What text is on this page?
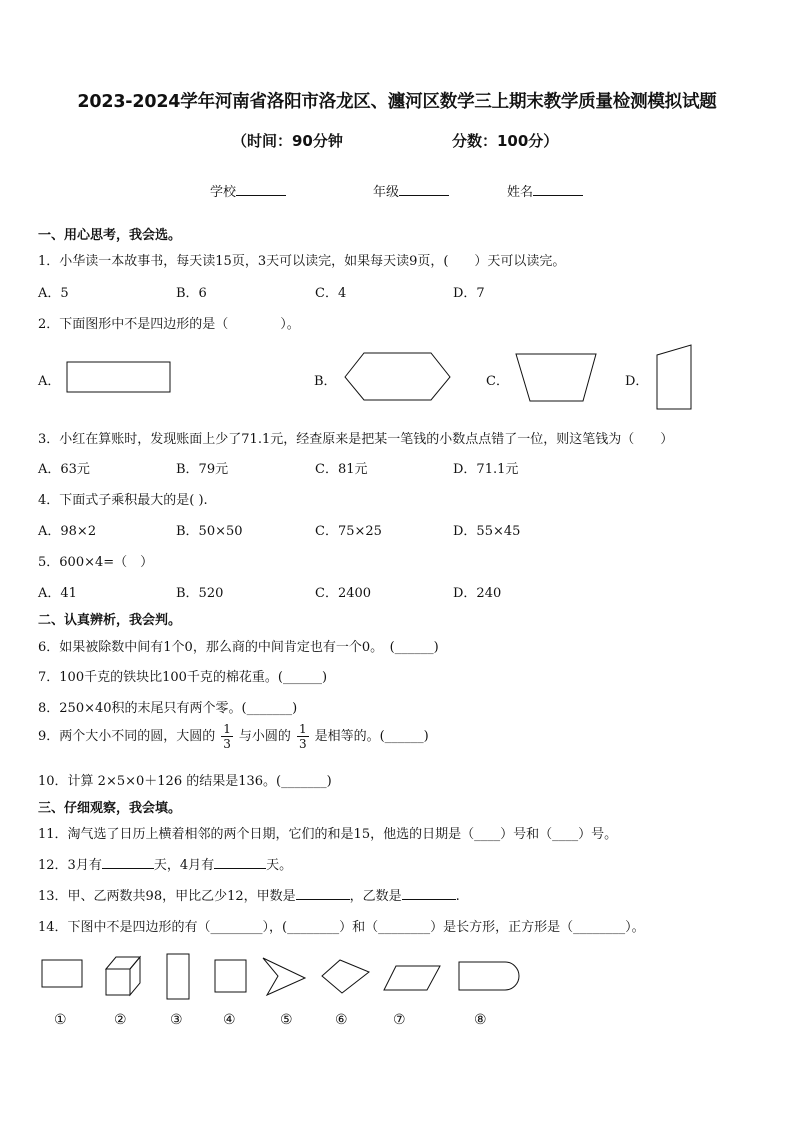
2023-2024学年河南省洛阳市洛龙区、瀍河区数学三上期末教学质量检测模拟试题
（时间：90分钟	分数：100分）
学校	年级	姓名
一、用心思考，我会选。
1．小华读一本故事书，每天读15页，3天可以读完，如果每天读9页，(　　）天可以读完。
A．5	B．6	C．4	D．7
2．下面图形中不是四边形的是（　　　　）。
A．	B．	C．	D．
3．小红在算账时，发现账面上少了71.1元，经查原来是把某一笔钱的小数点点错了一位，则这笔钱为（　　）
A．63元	B．79元	C．81元	D．71.1元
4．下面式子乘积最大的是( ).
A．98×2	B．50×50	C．75×25	D．55×45
5．600×4=（　）
A．41	B．520	C．2400	D．240
二、认真辨析，我会判。
6．如果被除数中间有1个0，那么商的中间肯定也有一个0。　(______)
7．100千克的铁块比100千克的棉花重。(______)
8．250×40积的末尾只有两个零。(_______)
9．两个大小不同的圆，大圆的 $\frac{1}{3}$ 与小圆的 $\frac{1}{3}$ 是相等的。(______)
10．计算 2×5×0＋126 的结果是136。(_______)
三、仔细观察，我会填。
11．淘气选了日历上横着相邻的两个日期，它们的和是15，他选的日期是（____）号和（____）号。
12．3月有	天，4月有	天。
13．甲、乙两数共98，甲比乙少12，甲数是	，乙数是	.
14．下图中不是四边形的有（________），(________）和（________）是长方形，正方形是（________）。
①	②	③	④	⑤	⑥	⑦	⑧
